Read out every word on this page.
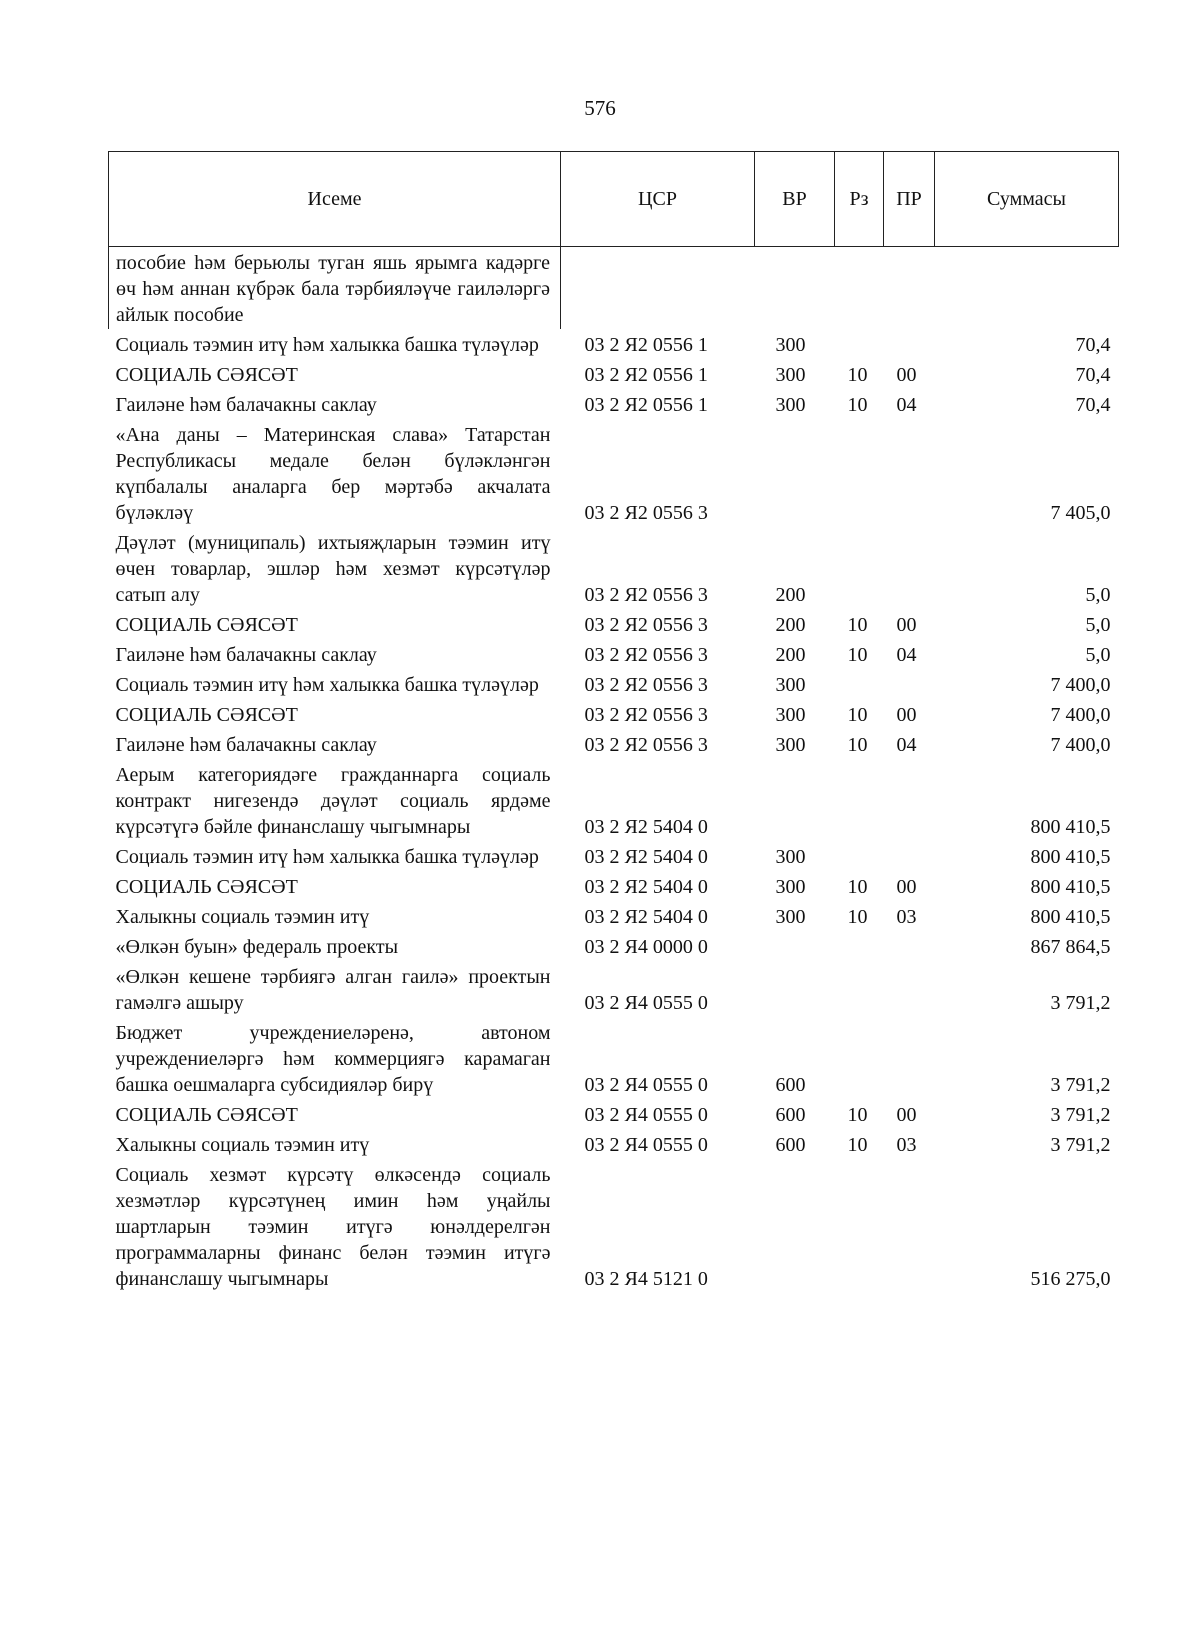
576
Исеме	ЦСР	ВР	Рз	ПР	Суммасы
пособие һәм берьюлы туган яшь ярымга кадәрге өч һәм аннан күбрәк бала тәрбияләүче гаиләләргә айлык пособие					
Социаль тәэмин итү һәм халыкка башка түләүләр	03 2 Я2 0556 1	300			70,4
СОЦИАЛЬ СӘЯСӘТ	03 2 Я2 0556 1	300	10	00	70,4
Гаиләне һәм балачакны саклау	03 2 Я2 0556 1	300	10	04	70,4
«Ана даны – Материнская слава» Татарстан Республикасы медале белән бүләкләнгән күпбалалы аналарга бер мәртәбә акчалата бүләкләү	03 2 Я2 0556 3				7 405,0
Дәүләт (муниципаль) ихтыяҗларын тәэмин итү өчен товарлар, эшләр һәм хезмәт күрсәтүләр сатып алу	03 2 Я2 0556 3	200			5,0
СОЦИАЛЬ СӘЯСӘТ	03 2 Я2 0556 3	200	10	00	5,0
Гаиләне һәм балачакны саклау	03 2 Я2 0556 3	200	10	04	5,0
Социаль тәэмин итү һәм халыкка башка түләүләр	03 2 Я2 0556 3	300			7 400,0
СОЦИАЛЬ СӘЯСӘТ	03 2 Я2 0556 3	300	10	00	7 400,0
Гаиләне һәм балачакны саклау	03 2 Я2 0556 3	300	10	04	7 400,0
Аерым категориядәге гражданнарга социаль контракт нигезендә дәүләт социаль ярдәме күрсәтүгә бәйле финанслашу чыгымнары	03 2 Я2 5404 0				800 410,5
Социаль тәэмин итү һәм халыкка башка түләүләр	03 2 Я2 5404 0	300			800 410,5
СОЦИАЛЬ СӘЯСӘТ	03 2 Я2 5404 0	300	10	00	800 410,5
Халыкны социаль тәэмин итү	03 2 Я2 5404 0	300	10	03	800 410,5
«Өлкән буын» федераль проекты	03 2 Я4 0000 0				867 864,5
«Өлкән кешене тәрбиягә алган гаилә» проектын гамәлгә ашыру	03 2 Я4 0555 0				3 791,2
Бюджет учреждениеләренә, автоном учреждениеләргә һәм коммерциягә карамаган башка оешмаларга субсидияләр бирү	03 2 Я4 0555 0	600			3 791,2
СОЦИАЛЬ СӘЯСӘТ	03 2 Я4 0555 0	600	10	00	3 791,2
Халыкны социаль тәэмин итү	03 2 Я4 0555 0	600	10	03	3 791,2
Социаль хезмәт күрсәтү өлкәсендә социаль хезмәтләр күрсәтүнең имин һәм уңайлы шартларын тәэмин итүгә юнәлдерелгән программаларны финанс белән тәэмин итүгә финанслашу чыгымнары	03 2 Я4 5121 0				516 275,0
